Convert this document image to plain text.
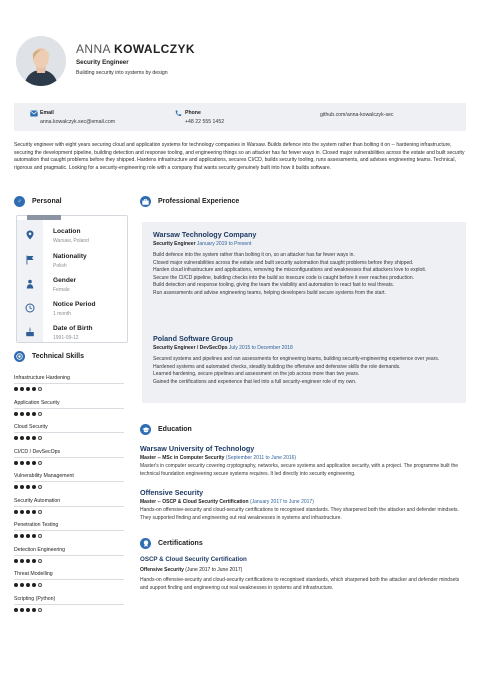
ANNA KOWALCZYK
Security Engineer
Building security into systems by design
Email
anna.kowalczyk.sec@email.com
Phone
+48 22 555 1452
github.com/anna-kowalczyk-sec
Security engineer with eight years securing cloud and application systems for technology companies in Warsaw. Builds defence into the system rather than bolting it on -- hardening infrastructure, securing the development pipeline, building detection and response tooling, and engineering things so an attacker has far fewer ways in. Closed major vulnerabilities across the estate and built security automation that caught problems before they shipped. Hardens infrastructure and applications, secures CI/CD, builds security tooling, runs assessments, and advises engineering teams. Technical, rigorous and pragmatic. Looking for a security-engineering role with a company that wants security genuinely built into how it builds software.
♂	Personal
Location
Warsaw, Poland
Nationality
Polish
Gender
Female
Notice Period
1 month
Date of Birth
1991-09-12
Technical Skills
Infrastructure Hardening
Application Security
Cloud Security
CI/CD / DevSecOps
Vulnerability Management
Security Automation
Penetration Testing
Detection Engineering
Threat Modelling
Scripting (Python)
Professional Experience
Warsaw Technology Company
Security Engineer January 2019 to Present
Build defence into the system rather than bolting it on, so an attacker has far fewer ways in.
Closed major vulnerabilities across the estate and built security automation that caught problems before they shipped.
Harden cloud infrastructure and applications, removing the misconfigurations and weaknesses that attackers love to exploit.
Secure the CI/CD pipeline, building checks into the build so insecure code is caught before it ever reaches production.
Build detection and response tooling, giving the team the visibility and automation to react fast to real threats.
Run assessments and advise engineering teams, helping developers build secure systems from the start.
Poland Software Group
Security Engineer / DevSecOps July 2015 to December 2018
Secured systems and pipelines and ran assessments for engineering teams, building security-engineering experience over years.
Hardened systems and automated checks, steadily building the offensive and defensive skills the role demands.
Learned hardening, secure pipelines and assessment on the job across more than two years.
Gained the certifications and experience that led into a full security-engineer role of my own.
Education
Warsaw University of Technology
Master -- MSc in Computer Security (September 2011 to June 2016)
Master's in computer security covering cryptography, networks, secure systems and application security, with a project. The programme built the technical foundation engineering secure systems requires. It led directly into security engineering.
Offensive Security
Master -- OSCP & Cloud Security Certification (January 2017 to June 2017)
Hands-on offensive-security and cloud-security certifications to recognised standards. They sharpened both the attacker and defender mindsets. They supported finding and engineering out real weaknesses in systems and infrastructure.
Certifications
OSCP & Cloud Security Certification
Offensive Security (June 2017 to June 2017)
Hands-on offensive-security and cloud-security certifications to recognised standards, which sharpened both the attacker and defender mindsets and support finding and engineering out real weaknesses in systems and infrastructure.
